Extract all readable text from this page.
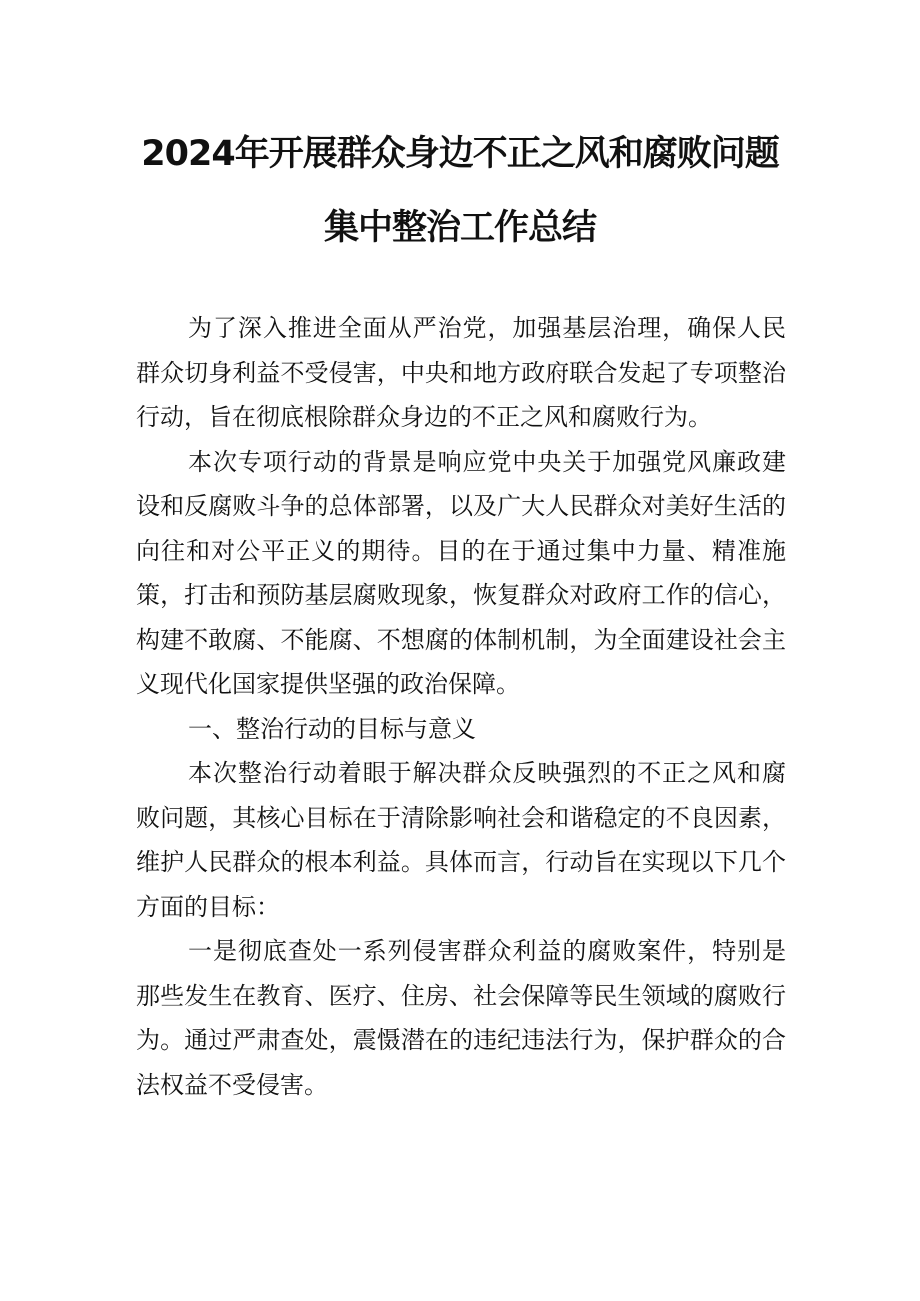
2024年开展群众身边不正之风和腐败问题
集中整治工作总结

为了深入推进全面从严治党，加强基层治理，确保人民群众切身利益不受侵害，中央和地方政府联合发起了专项整治行动，旨在彻底根除群众身边的不正之风和腐败行为。

本次专项行动的背景是响应党中央关于加强党风廉政建设和反腐败斗争的总体部署，以及广大人民群众对美好生活的向往和对公平正义的期待。目的在于通过集中力量、精准施策，打击和预防基层腐败现象，恢复群众对政府工作的信心，构建不敢腐、不能腐、不想腐的体制机制，为全面建设社会主义现代化国家提供坚强的政治保障。

一、整治行动的目标与意义

本次整治行动着眼于解决群众反映强烈的不正之风和腐败问题，其核心目标在于清除影响社会和谐稳定的不良因素，维护人民群众的根本利益。具体而言，行动旨在实现以下几个方面的目标：

一是彻底查处一系列侵害群众利益的腐败案件，特别是那些发生在教育、医疗、住房、社会保障等民生领域的腐败行为。通过严肃查处，震慑潜在的违纪违法行为，保护群众的合法权益不受侵害。
